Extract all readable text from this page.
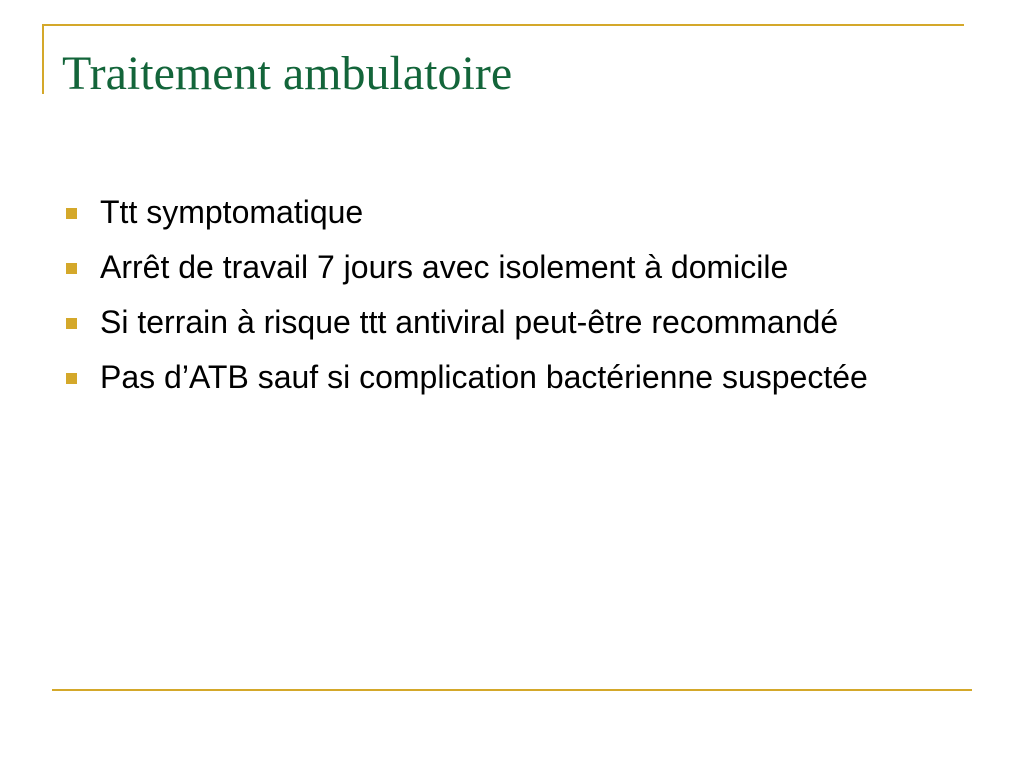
Traitement ambulatoire
Ttt symptomatique
Arrêt de travail 7 jours avec isolement à domicile
Si terrain à risque ttt antiviral peut-être recommandé
Pas d’ATB sauf si complication bactérienne suspectée
